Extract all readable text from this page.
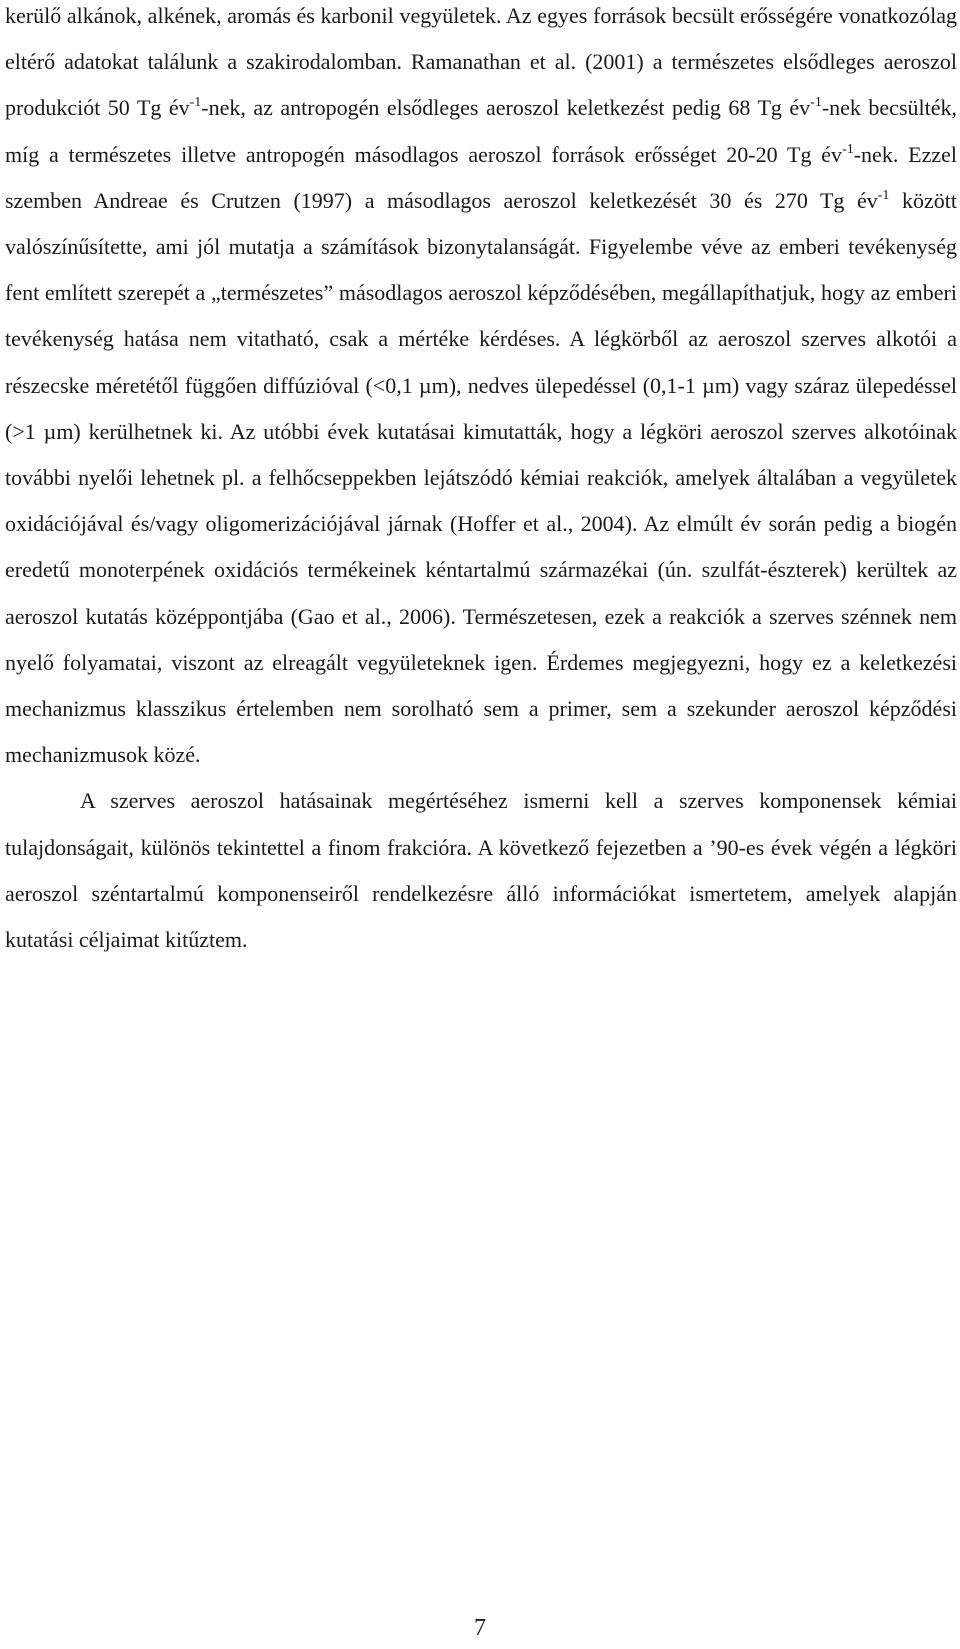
kerülő alkánok, alkének, aromás és karbonil vegyületek. Az egyes források becsült erősségére vonatkozólag eltérő adatokat találunk a szakirodalomban. Ramanathan et al. (2001) a természetes elsődleges aeroszol produkciót 50 Tg $év^{-1}$-nek, az antropogén elsődleges aeroszol keletkezést pedig 68 Tg $év^{-1}$-nek becsülték, míg a természetes illetve antropogén másodlagos aeroszol források erősséget 20-20 Tg $év^{-1}$-nek. Ezzel szemben Andreae és Crutzen (1997) a másodlagos aeroszol keletkezését 30 és 270 Tg $év^{-1}$ között valószínűsítette, ami jól mutatja a számítások bizonytalanságát. Figyelembe véve az emberi tevékenység fent említett szerepét a „természetes” másodlagos aeroszol képződésében, megállapíthatjuk, hogy az emberi tevékenység hatása nem vitatható, csak a mértéke kérdéses. A légkörből az aeroszol szerves alkotói a részecske méretétől függően diffúzióval (<0,1 µm), nedves ülepedéssel (0,1-1 µm) vagy száraz ülepedéssel (>1 µm) kerülhetnek ki. Az utóbbi évek kutatásai kimutatták, hogy a légköri aeroszol szerves alkotóinak további nyelői lehetnek pl. a felhőcseppekben lejátszódó kémiai reakciók, amelyek általában a vegyületek oxidációjával és/vagy oligomerizációjával járnak (Hoffer et al., 2004). Az elmúlt év során pedig a biogén eredetű monoterpének oxidációs termékeinek kéntartalmú származékai (ún. szulfát-észterek) kerültek az aeroszol kutatás középpontjába (Gao et al., 2006). Természetesen, ezek a reakciók a szerves szénnek nem nyelő folyamatai, viszont az elreagált vegyületeknek igen. Érdemes megjegyezni, hogy ez a keletkezési mechanizmus klasszikus értelemben nem sorolható sem a primer, sem a szekunder aeroszol képződési mechanizmusok közé.

A szerves aeroszol hatásainak megértéséhez ismerni kell a szerves komponensek kémiai tulajdonságait, különös tekintettel a finom frakcióra. A következő fejezetben a ’90-es évek végén a légköri aeroszol széntartalmú komponenseiről rendelkezésre álló információkat ismertetem, amelyek alapján kutatási céljaimat kitűztem.

7
